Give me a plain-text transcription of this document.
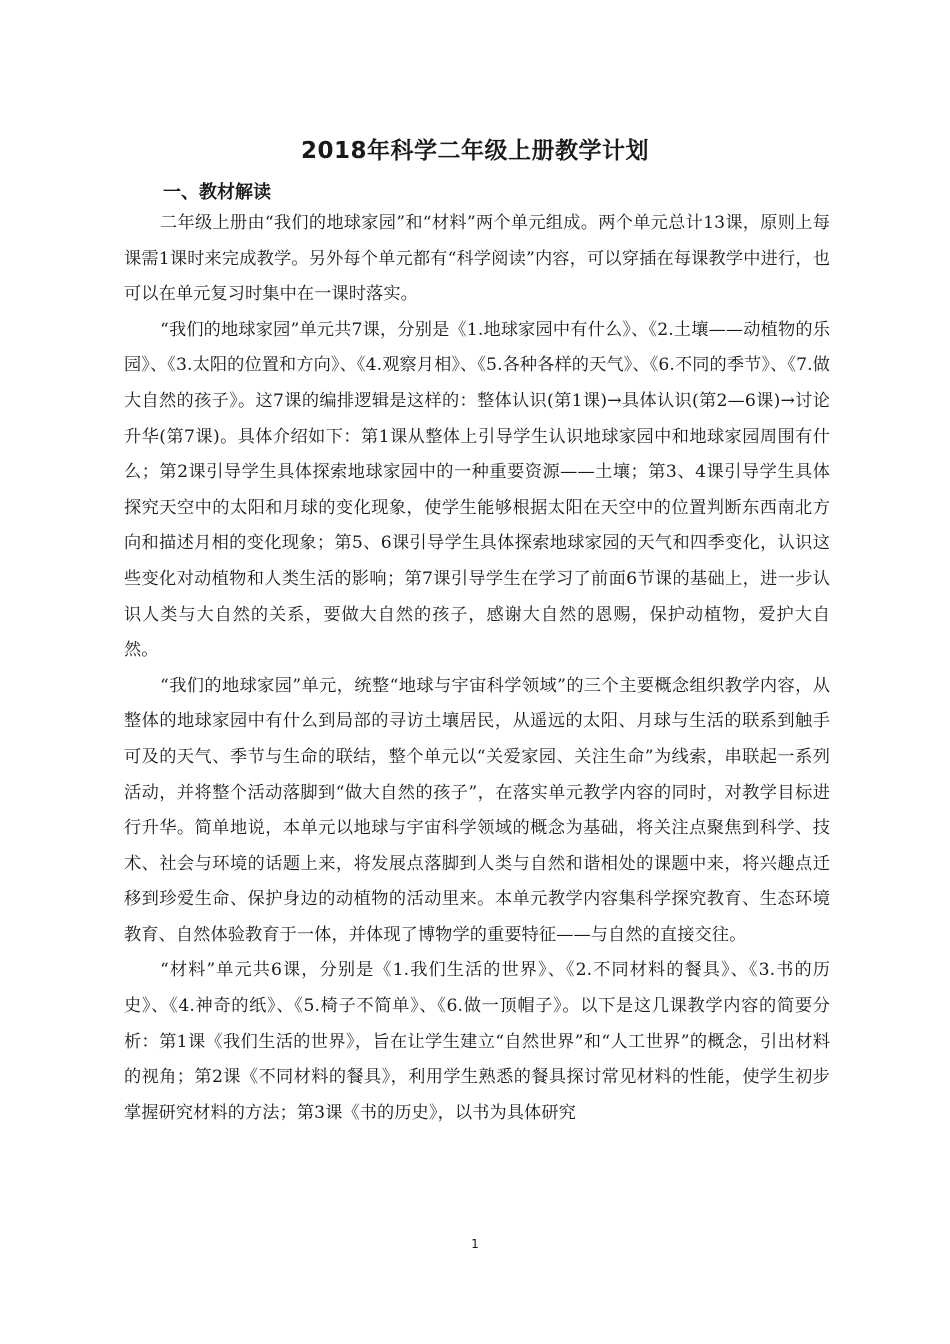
2018年科学二年级上册教学计划
一、教材解读

二年级上册由“我们的地球家园”和“材料”两个单元组成。两个单元总计13课，原则上每课需1课时来完成教学。另外每个单元都有“科学阅读”内容，可以穿插在每课教学中进行，也可以在单元复习时集中在一课时落实。

“我们的地球家园”单元共7课，分别是《1.地球家园中有什么》、《2.土壤——动植物的乐园》、《3.太阳的位置和方向》、《4.观察月相》、《5.各种各样的天气》、《6.不同的季节》、《7.做大自然的孩子》。这7课的编排逻辑是这样的：整体认识(第1课)→具体认识(第2—6课)→讨论升华(第7课)。具体介绍如下：第1课从整体上引导学生认识地球家园中和地球家园周围有什么；第2课引导学生具体探索地球家园中的一种重要资源——土壤；第3、4课引导学生具体探究天空中的太阳和月球的变化现象，使学生能够根据太阳在天空中的位置判断东西南北方向和描述月相的变化现象；第5、6课引导学生具体探索地球家园的天气和四季变化，认识这些变化对动植物和人类生活的影响；第7课引导学生在学习了前面6节课的基础上，进一步认识人类与大自然的关系，要做大自然的孩子，感谢大自然的恩赐，保护动植物，爱护大自然。

“我们的地球家园”单元，统整“地球与宇宙科学领域”的三个主要概念组织教学内容，从整体的地球家园中有什么到局部的寻访土壤居民，从遥远的太阳、月球与生活的联系到触手可及的天气、季节与生命的联结，整个单元以“关爱家园、关注生命”为线索，串联起一系列活动，并将整个活动落脚到“做大自然的孩子”，在落实单元教学内容的同时，对教学目标进行升华。简单地说，本单元以地球与宇宙科学领域的概念为基础，将关注点聚焦到科学、技术、社会与环境的话题上来，将发展点落脚到人类与自然和谐相处的课题中来，将兴趣点迁移到珍爱生命、保护身边的动植物的活动里来。本单元教学内容集科学探究教育、生态环境教育、自然体验教育于一体，并体现了博物学的重要特征——与自然的直接交往。

“材料”单元共6课，分别是《1.我们生活的世界》、《2.不同材料的餐具》、《3.书的历史》、《4.神奇的纸》、《5.椅子不简单》、《6.做一顶帽子》。以下是这几课教学内容的简要分析：第1课《我们生活的世界》，旨在让学生建立“自然世界”和“人工世界”的概念，引出材料的视角；第2课《不同材料的餐具》，利用学生熟悉的餐具探讨常见材料的性能，使学生初步掌握研究材料的方法；第3课《书的历史》，以书为具体研究

1
